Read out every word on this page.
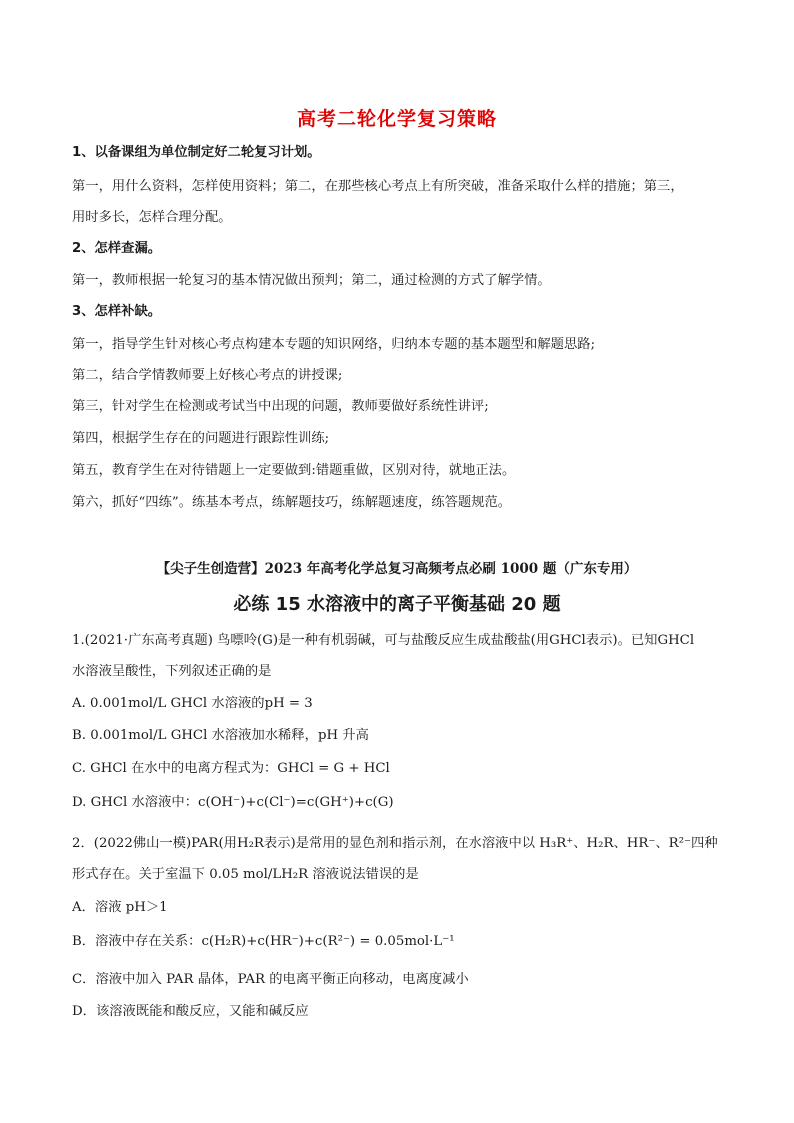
高考二轮化学复习策略
1、以备课组为单位制定好二轮复习计划。
第一，用什么资料，怎样使用资料；第二，在那些核心考点上有所突破，准备采取什么样的措施；第三，
用时多长，怎样合理分配。
2、怎样查漏。
第一，教师根据一轮复习的基本情况做出预判；第二，通过检测的方式了解学情。
3、怎样补缺。
第一，指导学生针对核心考点构建本专题的知识网络，归纳本专题的基本题型和解题思路;
第二，结合学情教师要上好核心考点的讲授课;
第三，针对学生在检测或考试当中出现的问题，教师要做好系统性讲评;
第四，根据学生存在的问题进行跟踪性训练;
第五，教育学生在对待错题上一定要做到:错题重做，区别对待，就地正法。
第六，抓好“四练”。练基本考点，练解题技巧，练解题速度，练答题规范。
【尖子生创造营】2023 年高考化学总复习高频考点必刷 1000 题（广东专用）
必练 15 水溶液中的离子平衡基础 20 题
1.(2021·广东高考真题) 鸟嘌呤(G)是一种有机弱碱，可与盐酸反应生成盐酸盐(用GHCl表示)。已知GHCl
水溶液呈酸性，下列叙述正确的是
A. 0.001mol/L GHCl 水溶液的pH = 3
B. 0.001mol/L GHCl 水溶液加水稀释，pH 升高
C. GHCl 在水中的电离方程式为：GHCl = G + HCl
D. GHCl 水溶液中：c(OH⁻)+c(Cl⁻)=c(GH⁺)+c(G)
2．(2022佛山一模)PAR(用H₂R表示)是常用的显色剂和指示剂，在水溶液中以 H₃R⁺、H₂R、HR⁻、R²⁻四种
形式存在。关于室温下 0.05 mol/LH₂R 溶液说法错误的是
A．溶液 pH＞1
B．溶液中存在关系：c(H₂R)+c(HR⁻)+c(R²⁻) = 0.05mol·L⁻¹
C．溶液中加入 PAR 晶体，PAR 的电离平衡正向移动，电离度减小
D．该溶液既能和酸反应，又能和碱反应
